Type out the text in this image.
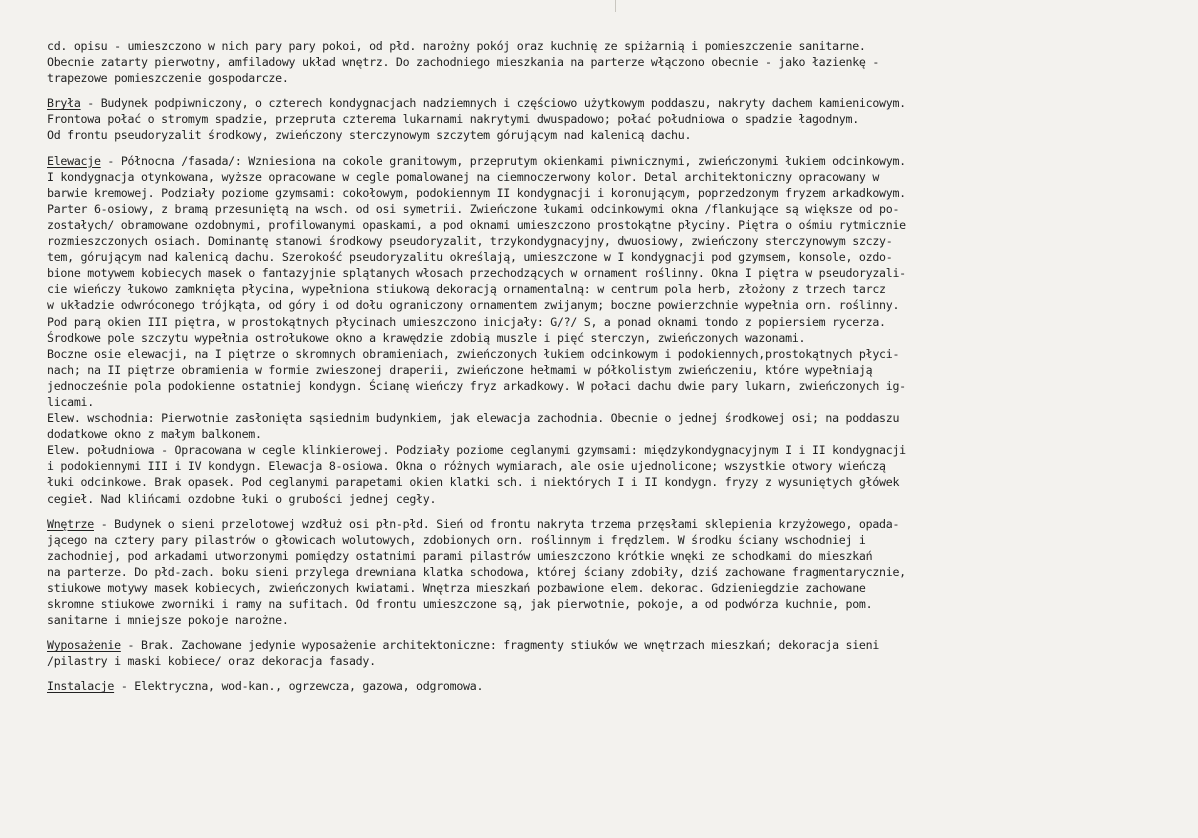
cd. opisu - umieszczono w nich pary pary pokoi, od płd. narożny pokój oraz kuchnię ze spiżarnią i pomieszczenie sanitarne.
Obecnie zatarty pierwotny, amfiladowy układ wnętrz. Do zachodniego mieszkania na parterze włączono obecnie - jako łazienkę -
trapezowe pomieszczenie gospodarcze.
Bryła - Budynek podpiwniczony, o czterech kondygnacjach nadziemnych i częściowo użytkowym poddaszu, nakryty dachem kamienicowym.
Frontowa połać o stromym spadzie, przepruta czterema lukarnami nakrytymi dwuspadowo; połać południowa o spadzie łagodnym.
Od frontu pseudoryzalit środkowy, zwieńczony sterczynowym szczytem górującym nad kalenicą dachu.
Elewacje - Północna /fasada/: Wzniesiona na cokole granitowym, przeprutym okienkami piwnicznymi, zwieńczonymi łukiem odcinkowym.
I kondygnacja otynkowana, wyższe opracowane w cegle pomalowanej na ciemnoczerwony kolor. Detal architektoniczny opracowany w
barwie kremowej. Podziały poziome gzymsami: cokołowym, podokiennym II kondygnacji i koronującym, poprzedzonym fryzem arkadkowym.
Parter 6-osiowy, z bramą przesuniętą na wsch. od osi symetrii. Zwieńczone łukami odcinkowymi okna /flankujące są większe od po-
zostałych/ obramowane ozdobnymi, profilowanymi opaskami, a pod oknami umieszczono prostokątne płyciny. Piętra o ośmiu rytmicznie
rozmieszczonych osiach. Dominantę stanowi środkowy pseudoryzalit, trzykondygnacyjny, dwuosiowy, zwieńczony sterczynowym szczy-
tem, górującym nad kalenicą dachu. Szerokość pseudoryzalitu określają, umieszczone w I kondygnacji pod gzymsem, konsole, ozdo-
bione motywem kobiecych masek o fantazyjnie splątanych włosach przechodzących w ornament roślinny. Okna I piętra w pseudoryzali-
cie wieńczy łukowo zamknięta płycina, wypełniona stiukową dekoracją ornamentalną: w centrum pola herb, złożony z trzech tarcz
w układzie odwróconego trójkąta, od góry i od dołu ograniczony ornamentem zwijanym; boczne powierzchnie wypełnia orn. roślinny.
Pod parą okien III piętra, w prostokątnych płycinach umieszczono inicjały: G/?/ S, a ponad oknami tondo z popiersiem rycerza.
Środkowe pole szczytu wypełnia ostrołukowe okno a krawędzie zdobią muszle i pięć sterczyn, zwieńczonych wazonami.
Boczne osie elewacji, na I piętrze o skromnych obramieniach, zwieńczonych łukiem odcinkowym i podokiennych,prostokątnych płyci-
nach; na II piętrze obramienia w formie zwieszonej draperii, zwieńczone hełmami w półkolistym zwieńczeniu, które wypełniają
jednocześnie pola podokienne ostatniej kondygn. Ścianę wieńczy fryz arkadkowy. W połaci dachu dwie pary lukarn, zwieńczonych ig-
licami.
Elew. wschodnia: Pierwotnie zasłonięta sąsiednim budynkiem, jak elewacja zachodnia. Obecnie o jednej środkowej osi; na poddaszu
dodatkowe okno z małym balkonem.
Elew. południowa - Opracowana w cegle klinkierowej. Podziały poziome ceglanymi gzymsami: międzykondygnacyjnym I i II kondygnacji
i podokiennymi III i IV kondygn. Elewacja 8-osiowa. Okna o różnych wymiarach, ale osie ujednolicone; wszystkie otwory wieńczą
łuki odcinkowe. Brak opasek. Pod ceglanymi parapetami okien klatki sch. i niektórych I i II kondygn. fryzy z wysuniętych główek
cegieł. Nad klińcami ozdobne łuki o grubości jednej cegły.
Wnętrze - Budynek o sieni przelotowej wzdłuż osi płn-płd. Sień od frontu nakryta trzema przęsłami sklepienia krzyżowego, opada-
jącego na cztery pary pilastrów o głowicach wolutowych, zdobionych orn. roślinnym i frędzlem. W środku ściany wschodniej i
zachodniej, pod arkadami utworzonymi pomiędzy ostatnimi parami pilastrów umieszczono krótkie wnęki ze schodkami do mieszkań
na parterze. Do płd-zach. boku sieni przylega drewniana klatka schodowa, której ściany zdobiły, dziś zachowane fragmentarycznie,
stiukowe motywy masek kobiecych, zwieńczonych kwiatami. Wnętrza mieszkań pozbawione elem. dekorac. Gdzieniegdzie zachowane
skromne stiukowe zworniki i ramy na sufitach. Od frontu umieszczone są, jak pierwotnie, pokoje, a od podwórza kuchnie, pom.
sanitarne i mniejsze pokoje narożne.
Wyposażenie - Brak. Zachowane jedynie wyposażenie architektoniczne: fragmenty stiuków we wnętrzach mieszkań; dekoracja sieni
/pilastry i maski kobiece/ oraz dekoracja fasady.
Instalacje - Elektryczna, wod-kan., ogrzewcza, gazowa, odgromowa.
